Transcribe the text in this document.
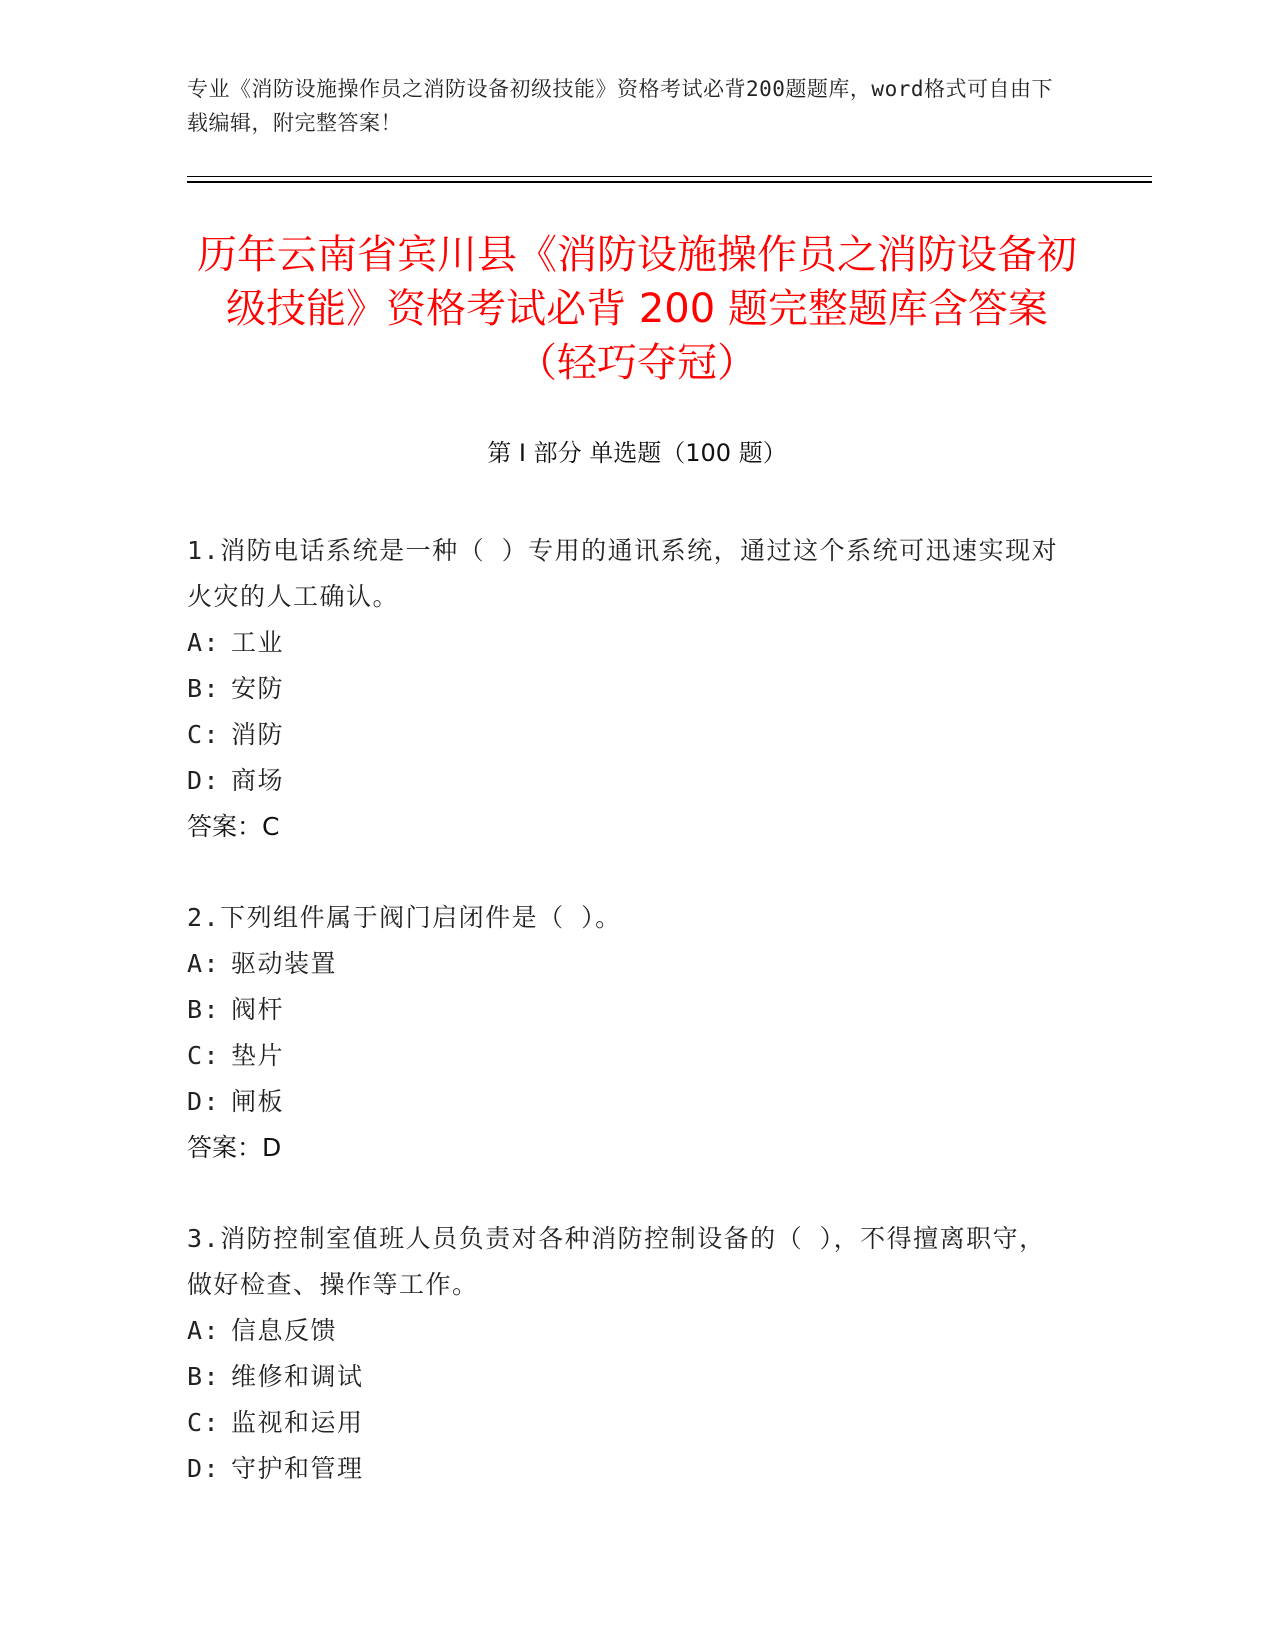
专业《消防设施操作员之消防设备初级技能》资格考试必背200题题库，word格式可自由下载编辑，附完整答案！
历年云南省宾川县《消防设施操作员之消防设备初级技能》资格考试必背 200 题完整题库含答案（轻巧夺冠）
第 I 部分 单选题（100 题）
1.消防电话系统是一种（ ）专用的通讯系统，通过这个系统可迅速实现对火灾的人工确认。
A: 工业
B: 安防
C: 消防
D: 商场
答案：C
2.下列组件属于阀门启闭件是（ ）。
A: 驱动装置
B: 阀杆
C: 垫片
D: 闸板
答案：D
3.消防控制室值班人员负责对各种消防控制设备的（ ），不得擅离职守，做好检查、操作等工作。
A: 信息反馈
B: 维修和调试
C: 监视和运用
D: 守护和管理
